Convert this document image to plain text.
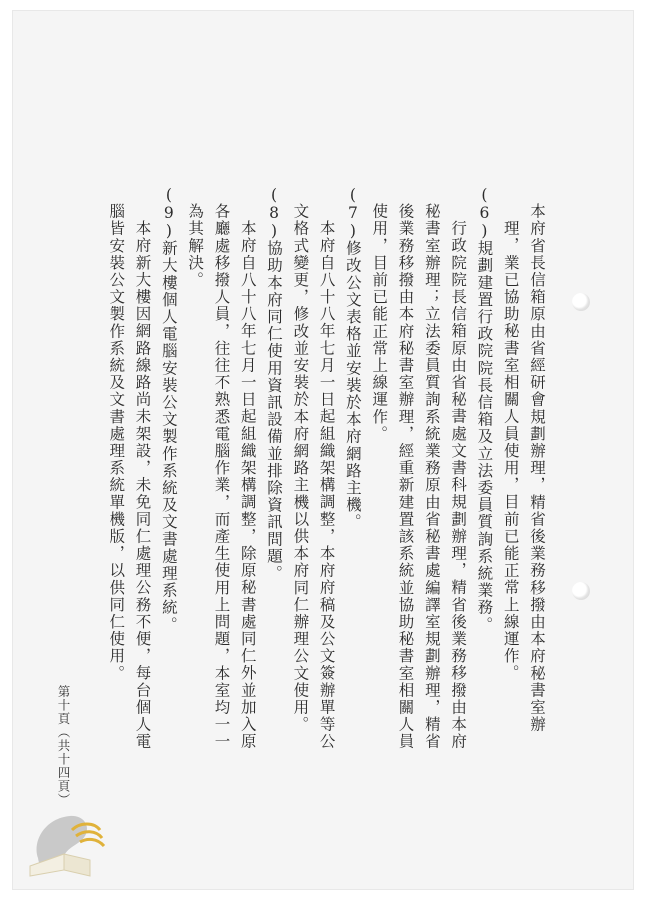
本府省長信箱原由省經研會規劃辦理，精省後業務移撥由本府秘書室辦
理，業已協助秘書室相關人員使用，目前已能正常上線運作。
(6)規劃建置行政院院長信箱及立法委員質詢系統業務。
行政院院長信箱原由省秘書處文書科規劃辦理，精省後業務移撥由本府
秘書室辦理；立法委員質詢系統業務原由省秘書處編譯室規劃辦理，精省
後業務移撥由本府秘書室辦理，經重新建置該系統並協助秘書室相關人員
使用，目前已能正常上線運作。
(7)修改公文表格並安裝於本府網路主機。
本府自八十八年七月一日起組織架構調整，本府府稿及公文簽辦單等公
文格式變更，修改並安裝於本府網路主機以供本府同仁辦理公文使用。
(8)協助本府同仁使用資訊設備並排除資訊問題。
本府自八十八年七月一日起組織架構調整，除原秘書處同仁外並加入原
各廳處移撥人員，往往不熟悉電腦作業，而產生使用上問題，本室均一一
為其解決。
(9)新大樓個人電腦安裝公文製作系統及文書處理系統。
本府新大樓因網路線路尚未架設，未免同仁處理公務不便，每台個人電
腦皆安裝公文製作系統及文書處理系統單機版，以供同仁使用。
第十頁（共十四頁）
